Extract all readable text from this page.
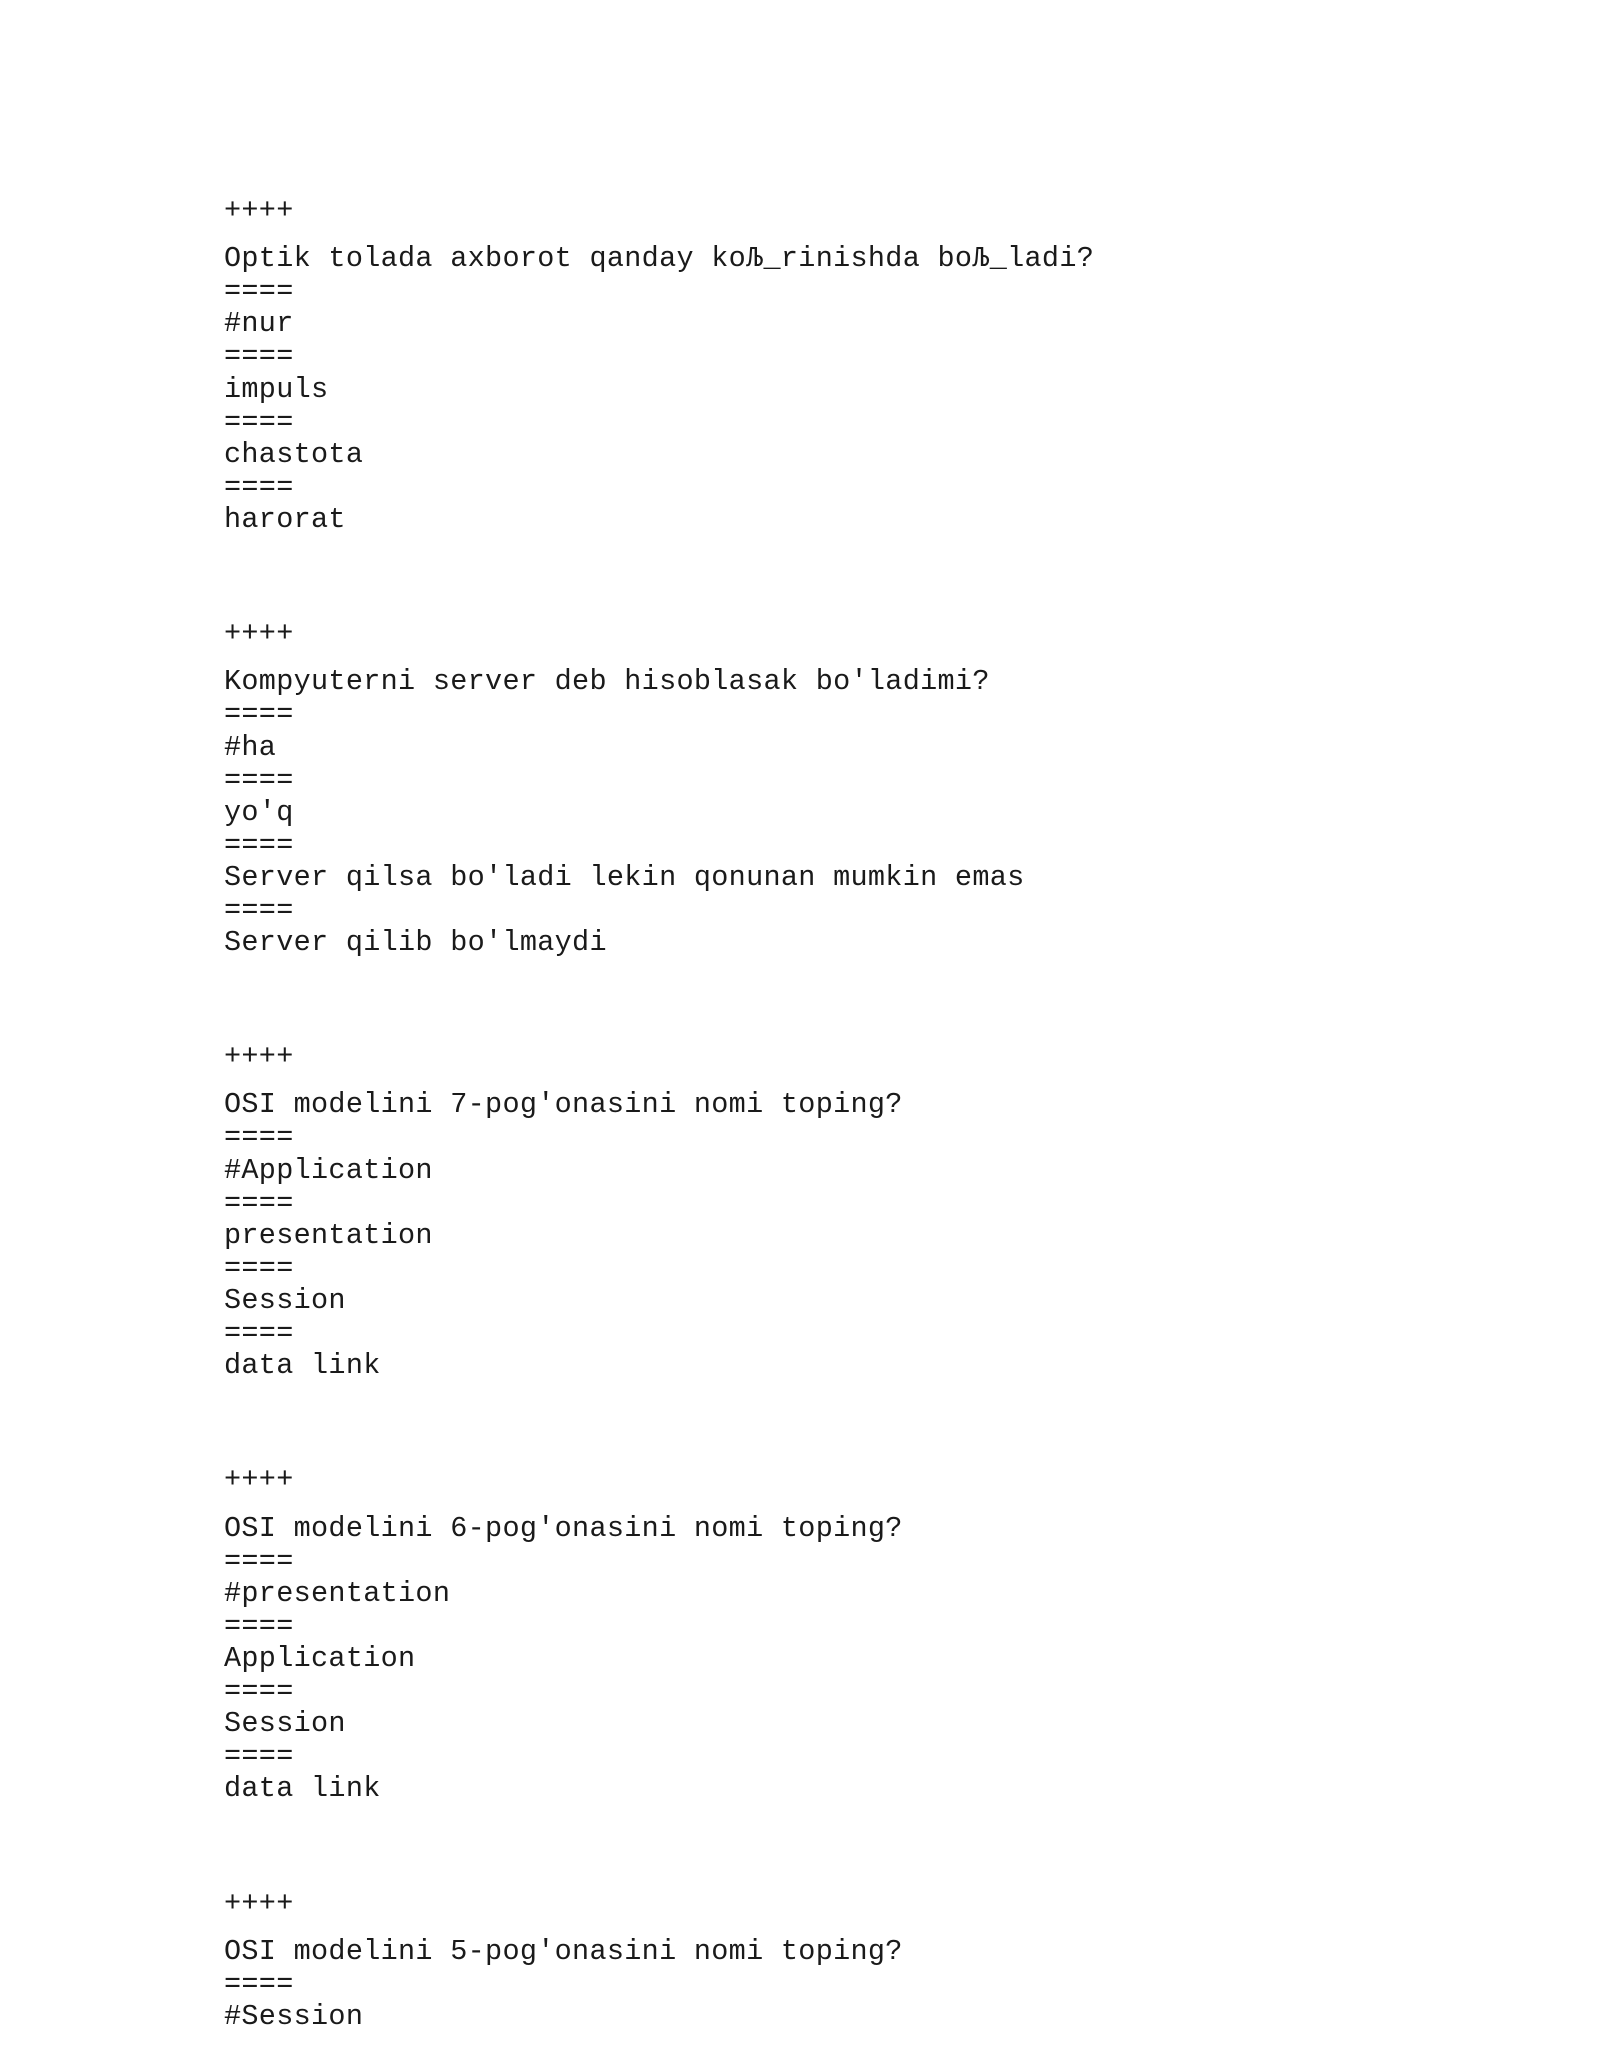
++++
Optik tolada axborot qanday koЉ_rinishda boЉ_ladi?
====
#nur
====
impuls
====
chastota
====
harorat
++++
Kompyuterni server deb hisoblasak bo'ladimi?
====
#ha
====
yo'q
====
Server qilsa bo'ladi lekin qonunan mumkin emas
====
Server qilib bo'lmaydi
++++
OSI modelini 7-pog'onasini nomi toping?
====
#Application
====
presentation
====
Session
====
data link
++++
OSI modelini 6-pog'onasini nomi toping?
====
#presentation
====
Application
====
Session
====
data link
++++
OSI modelini 5-pog'onasini nomi toping?
====
#Session
